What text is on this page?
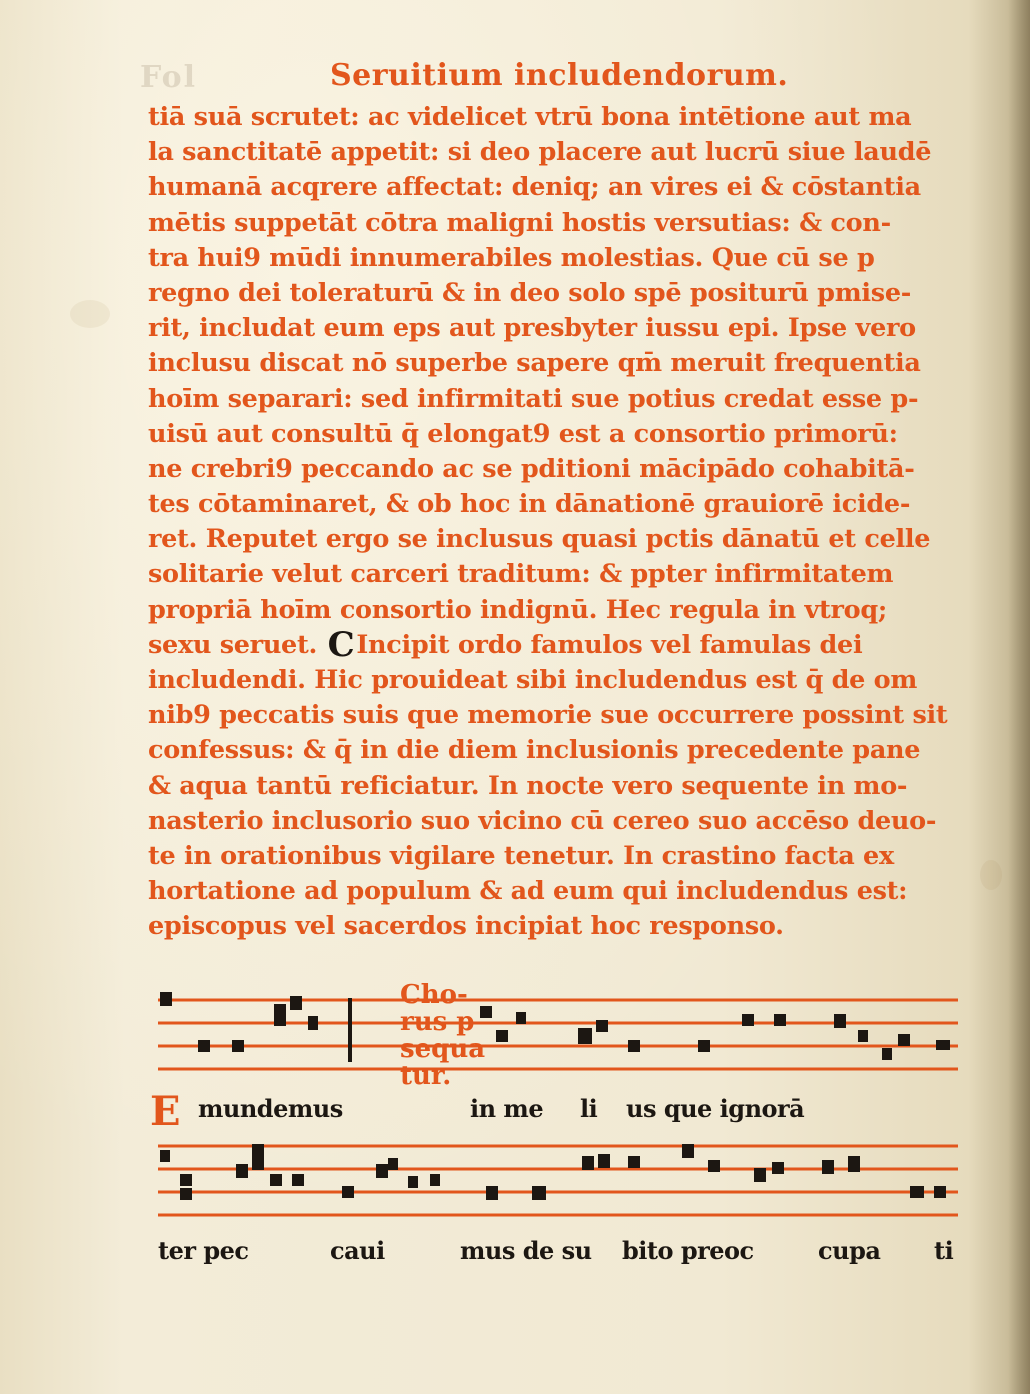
Fol	Seruitium includendorum.
tiā suā scrutet: ac videlicet vtrū bona intētione aut ma
la sanctitatē appetit: si deo placere aut lucrū siue laudē
humanā acqrere affectat: deniq; an vires ei & cōstantia
mētis suppetāt cōtra maligni hostis versutias: & con-
tra hui9 mūdi innumerabiles molestias. Que cū se p
regno dei toleraturū & in deo solo spē positurū pmise-
rit, includat eum eps aut presbyter iussu epi. Ipse vero
inclusu discat nō superbe sapere qm̄ meruit frequentia
hoīm separari: sed infirmitati sue potius credat esse p-
uisū aut consultū q̄ elongat9 est a consortio primorū:
ne crebri9 peccando ac se pditioni mācipādo cohabitā-
tes cōtaminaret, & ob hoc in dānationē grauiorē icide-
ret. Reputet ergo se inclusus quasi pctis dānatū et celle
solitarie velut carceri traditum: & ppter infirmitatem
propriā hoīm consortio indignū. Hec regula in vtroq;
sexu seruet. CIncipit ordo famulos vel famulas dei
includendi. Hic prouideat sibi includendus est q̄ de om
nib9 peccatis suis que memorie sue occurrere possint sit
confessus: & q̄ in die diem inclusionis precedente pane
& aqua tantū reficiatur. In nocte vero sequente in mo-
nasterio inclusorio suo vicino cū cereo suo accēso deuo-
te in orationibus vigilare tenetur. In crastino facta ex
hortatione ad populum & ad eum qui includendus est:
episcopus vel sacerdos incipiat hoc responso.
Cho-
rus p
sequa
tur.
E mundemus	in me li us que ignorā
ter pec	caui	mus de su bito preoc	cupa ti
